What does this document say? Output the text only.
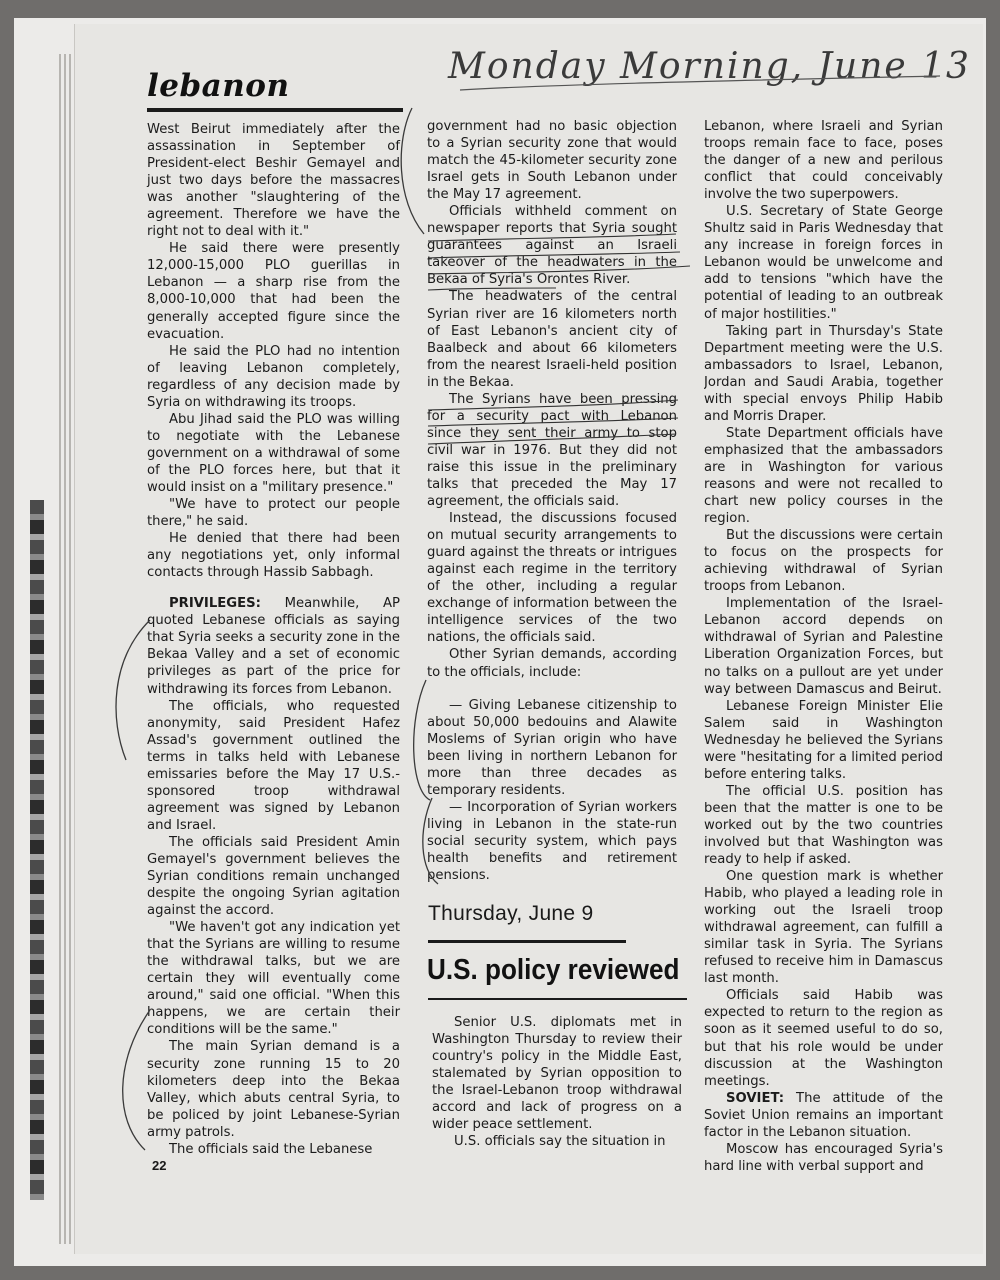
lebanon	Monday Morning, June 13

West Beirut immediately after the assassination in September of President-elect Beshir Gemayel and just two days before the massacres was another "slaughtering of the agreement. Therefore we have the right not to deal with it."

He said there were presently 12,000-15,000 PLO guerillas in Lebanon — a sharp rise from the 8,000-10,000 that had been the generally accepted figure since the evacuation.

He said the PLO had no intention of leaving Lebanon completely, regardless of any decision made by Syria on withdrawing its troops.

Abu Jihad said the PLO was willing to negotiate with the Lebanese government on a withdrawal of some of the PLO forces here, but that it would insist on a "military presence."

"We have to protect our people there," he said.

He denied that there had been any negotiations yet, only informal contacts through Hassib Sabbagh.

PRIVILEGES: Meanwhile, AP quoted Lebanese officials as saying that Syria seeks a security zone in the Bekaa Valley and a set of economic privileges as part of the price for withdrawing its forces from Lebanon.

The officials, who requested anonymity, said President Hafez Assad's government outlined the terms in talks held with Lebanese emissaries before the May 17 U.S.-sponsored troop withdrawal agreement was signed by Lebanon and Israel.

The officials said President Amin Gemayel's government believes the Syrian conditions remain unchanged despite the ongoing Syrian agitation against the accord.

"We haven't got any indication yet that the Syrians are willing to resume the withdrawal talks, but we are certain they will eventually come around," said one official. "When this happens, we are certain their conditions will be the same."

The main Syrian demand is a security zone running 15 to 20 kilometers deep into the Bekaa Valley, which abuts central Syria, to be policed by joint Lebanese-Syrian army patrols.

The officials said the Lebanese

government had no basic objection to a Syrian security zone that would match the 45-kilometer security zone Israel gets in South Lebanon under the May 17 agreement.

Officials withheld comment on newspaper reports that Syria sought guarantees against an Israeli takeover of the headwaters in the Bekaa of Syria's Orontes River.

The headwaters of the central Syrian river are 16 kilometers north of East Lebanon's ancient city of Baalbeck and about 66 kilometers from the nearest Israeli-held position in the Bekaa.

The Syrians have been pressing for a security pact with Lebanon since they sent their army to stop civil war in 1976. But they did not raise this issue in the preliminary talks that preceded the May 17 agreement, the officials said.

Instead, the discussions focused on mutual security arrangements to guard against the threats or intrigues against each regime in the territory of the other, including a regular exchange of information between the intelligence services of the two nations, the officials said.

Other Syrian demands, according to the officials, include:

— Giving Lebanese citizenship to about 50,000 bedouins and Alawite Moslems of Syrian origin who have been living in northern Lebanon for more than three decades as temporary residents.

— Incorporation of Syrian workers living in Lebanon in the state-run social security system, which pays health benefits and retirement pensions.

Thursday, June 9
U.S. policy reviewed

Senior U.S. diplomats met in Washington Thursday to review their country's policy in the Middle East, stalemated by Syrian opposition to the Israel-Lebanon troop withdrawal accord and lack of progress on a wider peace settlement.

U.S. officials say the situation in

Lebanon, where Israeli and Syrian troops remain face to face, poses the danger of a new and perilous conflict that could conceivably involve the two superpowers.

U.S. Secretary of State George Shultz said in Paris Wednesday that any increase in foreign forces in Lebanon would be unwelcome and add to tensions "which have the potential of leading to an outbreak of major hostilities."

Taking part in Thursday's State Department meeting were the U.S. ambassadors to Israel, Lebanon, Jordan and Saudi Arabia, together with special envoys Philip Habib and Morris Draper.

State Department officials have emphasized that the ambassadors are in Washington for various reasons and were not recalled to chart new policy courses in the region.

But the discussions were certain to focus on the prospects for achieving withdrawal of Syrian troops from Lebanon.

Implementation of the Israel-Lebanon accord depends on withdrawal of Syrian and Palestine Liberation Organization Forces, but no talks on a pullout are yet under way between Damascus and Beirut.

Lebanese Foreign Minister Elie Salem said in Washington Wednesday he believed the Syrians were "hesitating for a limited period before entering talks.

The official U.S. position has been that the matter is one to be worked out by the two countries involved but that Washington was ready to help if asked.

One question mark is whether Habib, who played a leading role in working out the Israeli troop withdrawal agreement, can fulfill a similar task in Syria. The Syrians refused to receive him in Damascus last month.

Officials said Habib was expected to return to the region as soon as it seemed useful to do so, but that his role would be under discussion at the Washington meetings.

SOVIET: The attitude of the Soviet Union remains an important factor in the Lebanon situation.

Moscow has encouraged Syria's hard line with verbal support and

22
